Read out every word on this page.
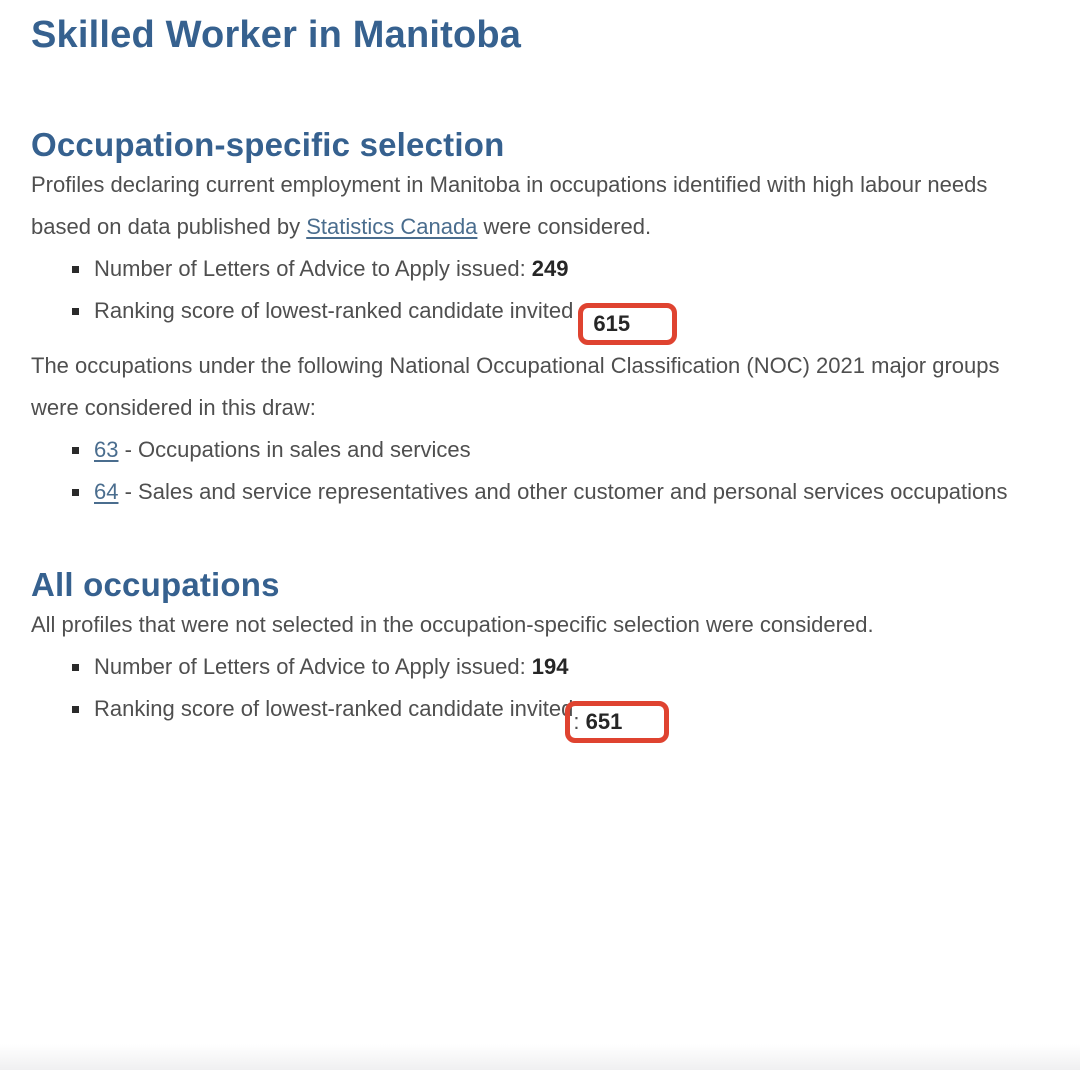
Skilled Worker in Manitoba
Occupation-specific selection

Profiles declaring current employment in Manitoba in occupations identified with high labour needs based on data published by Statistics Canada were considered.

Number of Letters of Advice to Apply issued: 249
Ranking score of lowest-ranked candidate invited615

The occupations under the following National Occupational Classification (NOC) 2021 major groups were considered in this draw:

63 - Occupations in sales and services
64 - Sales and service representatives and other customer and personal services occupations
All occupations

All profiles that were not selected in the occupation-specific selection were considered.

Number of Letters of Advice to Apply issued: 194
Ranking score of lowest-ranked candidate invited: 651
